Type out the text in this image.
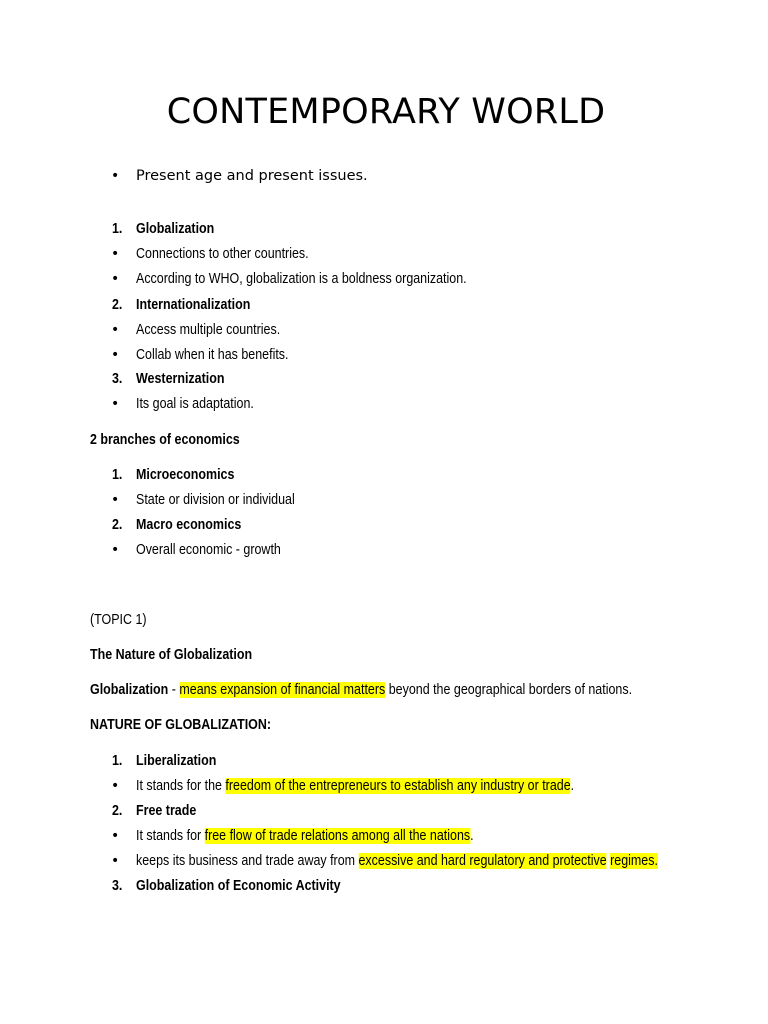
CONTEMPORARY WORLD
• Present age and present issues.
1. Globalization
• Connections to other countries.
• According to WHO, globalization is a boldness organization.
2. Internationalization
• Access multiple countries.
• Collab when it has benefits.
3. Westernization
• Its goal is adaptation.
2 branches of economics
1. Microeconomics
• State or division or individual
2. Macro economics
• Overall economic - growth
(TOPIC 1)
The Nature of Globalization
Globalization - means expansion of financial matters beyond the geographical borders of nations.
NATURE OF GLOBALIZATION:
1. Liberalization
• It stands for the freedom of the entrepreneurs to establish any industry or trade.
2. Free trade
• It stands for free flow of trade relations among all the nations.
• keeps its business and trade away from excessive and hard regulatory and protective regimes.
3. Globalization of Economic Activity
